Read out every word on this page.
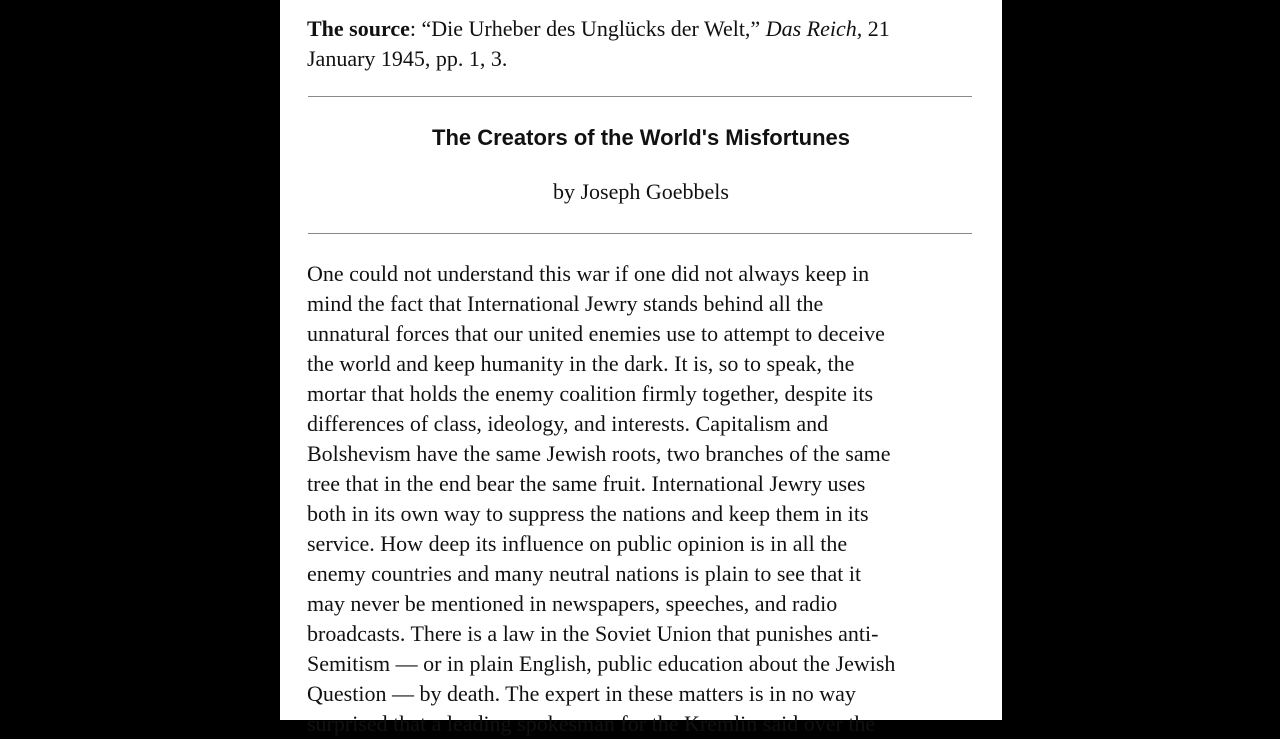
The source: “Die Urheber des Unglücks der Welt,” Das Reich, 21
January 1945, pp. 1, 3.
The Creators of the World's Misfortunes
by Joseph Goebbels
One could not understand this war if one did not always keep in
mind the fact that International Jewry stands behind all the
unnatural forces that our united enemies use to attempt to deceive
the world and keep humanity in the dark. It is, so to speak, the
mortar that holds the enemy coalition firmly together, despite its
differences of class, ideology, and interests. Capitalism and
Bolshevism have the same Jewish roots, two branches of the same
tree that in the end bear the same fruit. International Jewry uses
both in its own way to suppress the nations and keep them in its
service. How deep its influence on public opinion is in all the
enemy countries and many neutral nations is plain to see that it
may never be mentioned in newspapers, speeches, and radio
broadcasts. There is a law in the Soviet Union that punishes anti-
Semitism — or in plain English, public education about the Jewish
Question — by death. The expert in these matters is in no way
surprised that a leading spokesman for the Kremlin said over the
